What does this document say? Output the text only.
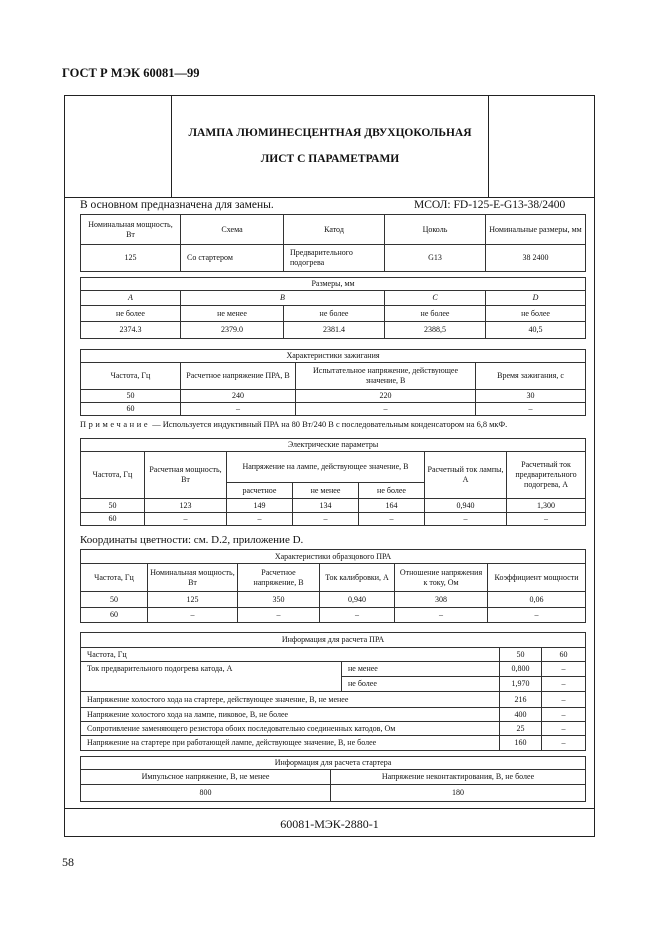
ГОСТ Р МЭК 60081—99
ЛАМПА ЛЮМИНЕСЦЕНТНАЯ ДВУХЦОКОЛЬНАЯ
ЛИСТ С ПАРАМЕТРАМИ
В основном предназначена для замены.	МСОЛ: FD-125-E-G13-38/2400
Номинальная мощность, Вт	Схема	Катод	Цоколь	Номинальные размеры, мм
125	Со стартером	Предварительного подогрева	G13	38 2400
Размеры, мм				
A	B		C	D
не более	не менее	не более	не более	не более
2374.3	2379.0	2381.4	2388,5	40,5
Характеристики зажигания			
Частота, Гц	Расчетное напряжение ПРА, В	Испытательное напряжение, действующее значение, В	Время зажигания, с
50	240	220	30
60	–	–	–
Примечание — Используется индуктивный ПРА на 80 Вт/240 В с последовательным конденсатором на 6,8 мкФ.
Электрические параметры						
Частота, Гц	Расчетная мощность, Вт	Напряжение на лампе, действующее значение, В			Расчетный ток лампы, А	Расчетный ток предварительного подогрева, А
		расчетное	не менее	не более		
50	123	149	134	164	0,940	1,300
60	–	–	–	–	–	–
Координаты цветности: см. D.2, приложение D.
Характеристики образцового ПРА					
Частота, Гц	Номинальная мощность, Вт	Расчетное напряжение, В	Ток калибровки, А	Отношение напряжения к току, Ом	Коэффициент мощности
50	125	350	0,940	308	0,06
60	–	–	–	–	–
Информация для расчета ПРА			
Частота, Гц		50	60
Ток предварительного подогрева катода, А	не менее	0,800	–
	не более	1,970	–
Напряжение холостого хода на стартере, действующее значение, В, не менее		216	–
Напряжение холостого хода на лампе, пиковое, В, не более		400	–
Сопротивление заменяющего резистора обоих последовательно соединенных катодов, Ом		25	–
Напряжение на стартере при работающей лампе, действующее значение, В, не более		160	–
Информация для расчета стартера	
Импульсное напряжение, В, не менее	Напряжение неконтактирования, В, не более
800	180
60081-МЭК-2880-1
58
